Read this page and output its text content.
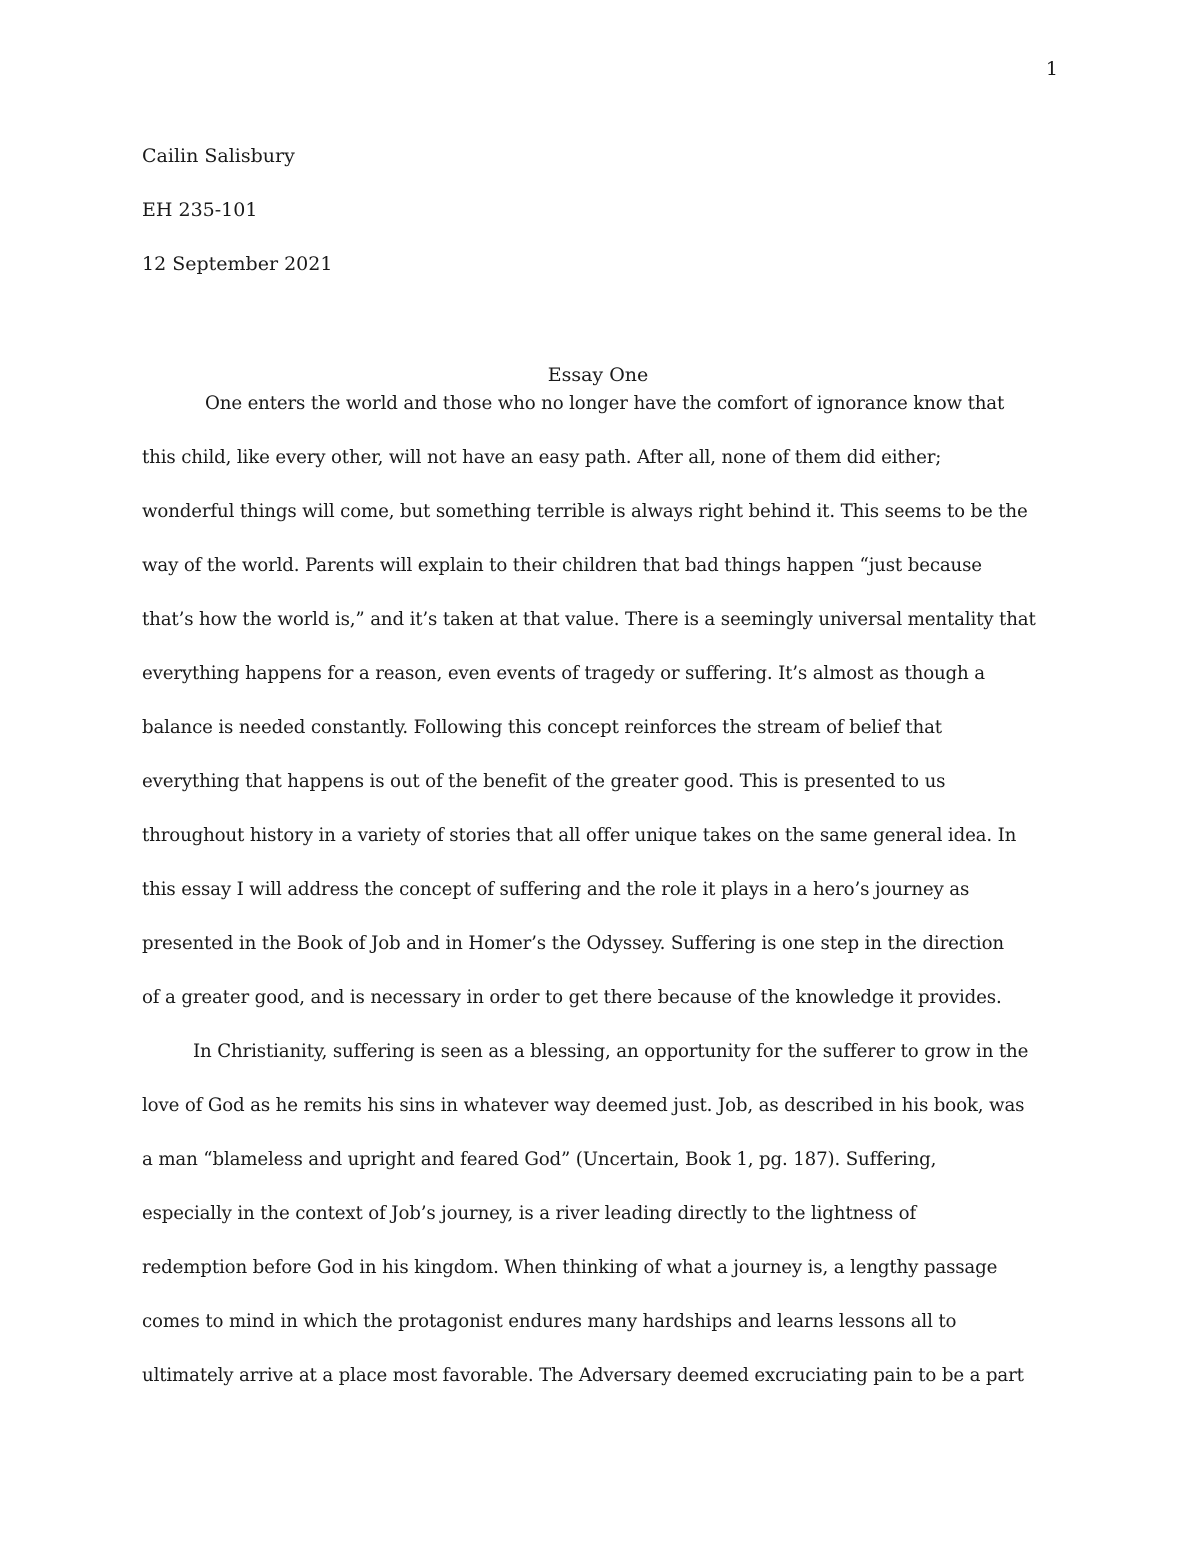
1
Cailin Salisbury
EH 235-101
12 September 2021
Essay One
One enters the world and those who no longer have the comfort of ignorance know that
this child, like every other, will not have an easy path. After all, none of them did either;
wonderful things will come, but something terrible is always right behind it. This seems to be the
way of the world. Parents will explain to their children that bad things happen “just because
that’s how the world is,” and it’s taken at that value. There is a seemingly universal mentality that
everything happens for a reason, even events of tragedy or suffering. It’s almost as though a
balance is needed constantly. Following this concept reinforces the stream of belief that
everything that happens is out of the benefit of the greater good. This is presented to us
throughout history in a variety of stories that all offer unique takes on the same general idea. In
this essay I will address the concept of suffering and the role it plays in a hero’s journey as
presented in the Book of Job and in Homer’s the Odyssey. Suffering is one step in the direction
of a greater good, and is necessary in order to get there because of the knowledge it provides.
In Christianity, suffering is seen as a blessing, an opportunity for the sufferer to grow in the
love of God as he remits his sins in whatever way deemed just. Job, as described in his book, was
a man “blameless and upright and feared God” (Uncertain, Book 1, pg. 187). Suffering,
especially in the context of Job’s journey, is a river leading directly to the lightness of
redemption before God in his kingdom. When thinking of what a journey is, a lengthy passage
comes to mind in which the protagonist endures many hardships and learns lessons all to
ultimately arrive at a place most favorable. The Adversary deemed excruciating pain to be a part
